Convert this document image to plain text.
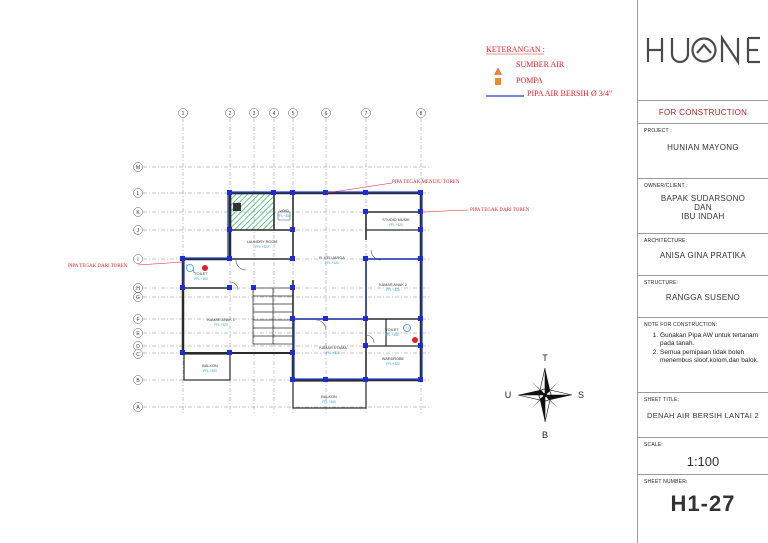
KETERANGAN :
SUMBER AIR
POMPA
PIPA AIR BERSIH Ø 3/4"
1	2	3	4	5	6	7	8
M
L
K
J
I
H
G
F
E
D
C
B
A
PIPA TEGAK MENUJU TOREN
PIPA TEGAK DARI TOREN
PIPA TEGAK DARI TOREN
VOID
FFL +300
LAUNDRY ROOM
FFL +320
STUDIO MUSIK
FFL +320
R. KELUARGA
FFL +320
TOILET
FFL +300
KAMAR ANAK 2
FFL +320
KAMAR ANAK 1
FFL +320
TOILET
FFL +300
KAMAR UTAMA
FFL +320
WARDROBE
FFL +320
BALKON
FFL +300
BALKON
FFL +300
T
B
U	S
FOR CONSTRUCTION
PROJECT :
HUNIAN MAYONG
OWNER/CLIENT :
BAPAK SUDARSONO
DAN
IBU INDAH
ARCHITECTURE:
ANISA GINA PRATIKA
STRUCTURE:
RANGGA SUSENO
NOTE FOR CONSTRUCTION:
1. Gunakan Pipa AW untuk tertanam pada tanah.
2. Semua pemipaan tidak boleh menembus sloof,kolom,dan balok.
SHEET TITLE:
DENAH AIR BERSIH LANTAI 2
SCALE:
1:100
SHEET NUMBER:
H1-27
